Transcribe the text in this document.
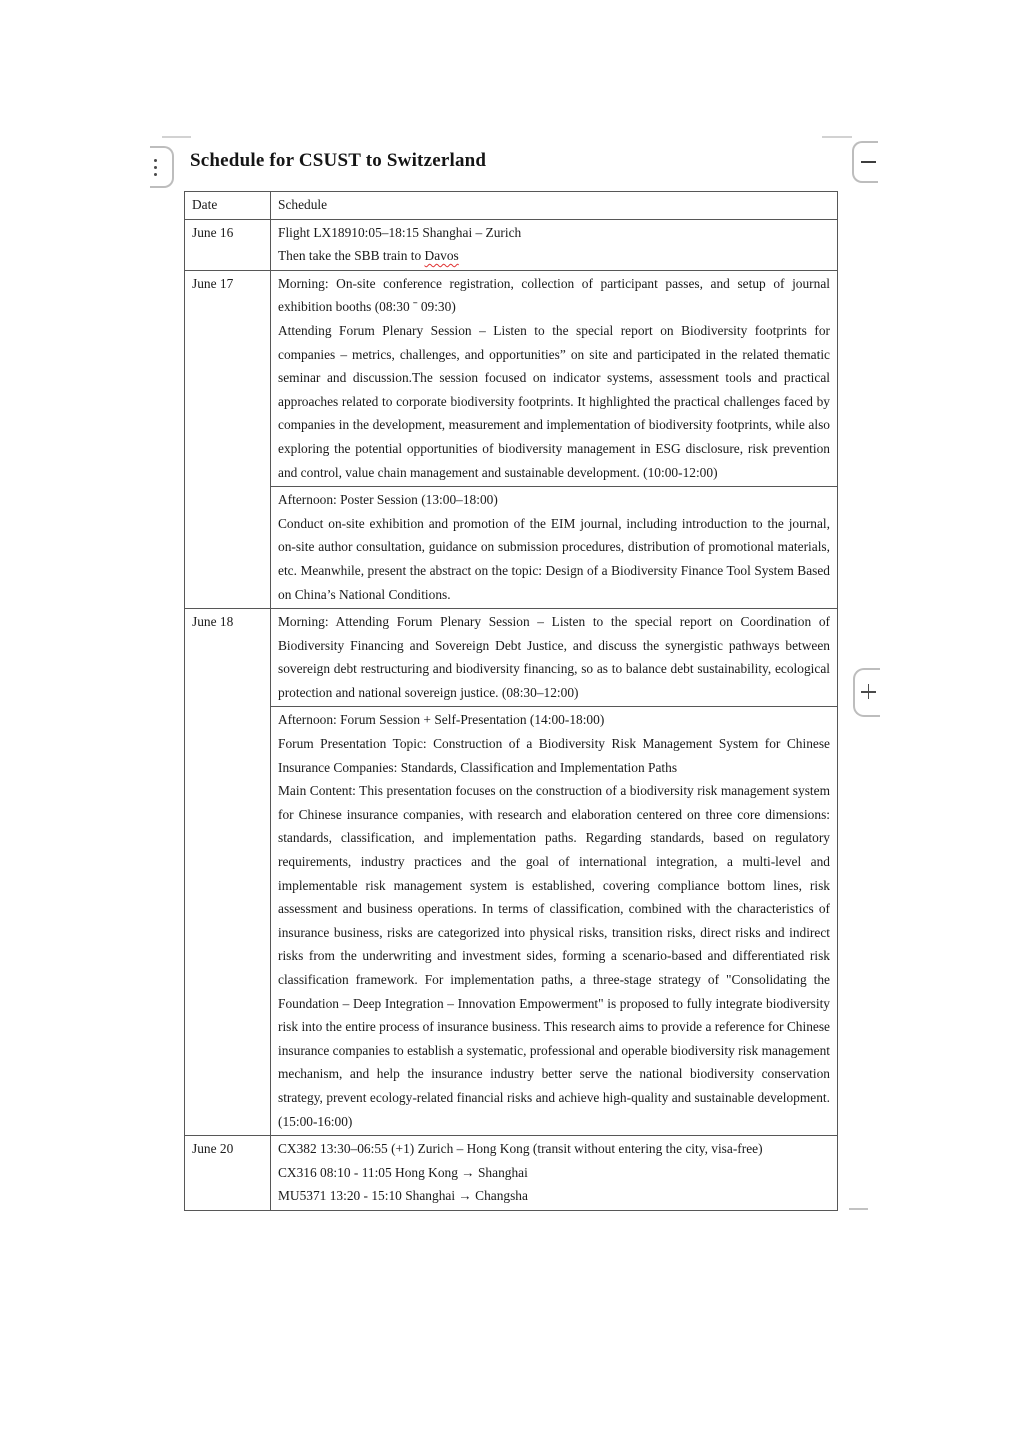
Schedule for CSUST to Switzerland
Date	Schedule
June 16	Flight LX18910:05–18:15 Shanghai – Zurich

Then take the SBB train to Davos

June 17	Morning: On-site conference registration, collection of participant passes, and setup of journal exhibition booths (08:30 ˉ 09:30)

Attending Forum Plenary Session – Listen to the special report on Biodiversity footprints for companies – metrics, challenges, and opportunities” on site and participated in the related thematic seminar and discussion.The session focused on indicator systems, assessment tools and practical approaches related to corporate biodiversity footprints. It highlighted the practical challenges faced by companies in the development, measurement and implementation of biodiversity footprints, while also exploring the potential opportunities of biodiversity management in ESG disclosure, risk prevention and control, value chain management and sustainable development. (10:00-12:00)

	Afternoon: Poster Session (13:00–18:00)

Conduct on-site exhibition and promotion of the EIM journal, including introduction to the journal, on-site author consultation, guidance on submission procedures, distribution of promotional materials, etc. Meanwhile, present the abstract on the topic: Design of a Biodiversity Finance Tool System Based on China’s National Conditions.

June 18	Morning: Attending Forum Plenary Session – Listen to the special report on Coordination of Biodiversity Financing and Sovereign Debt Justice, and discuss the synergistic pathways between sovereign debt restructuring and biodiversity financing, so as to balance debt sustainability, ecological protection and national sovereign justice. (08:30–12:00)

	Afternoon: Forum Session + Self-Presentation (14:00-18:00)

Forum Presentation Topic: Construction of a Biodiversity Risk Management System for Chinese Insurance Companies: Standards, Classification and Implementation Paths

Main Content: This presentation focuses on the construction of a biodiversity risk management system for Chinese insurance companies, with research and elaboration centered on three core dimensions: standards, classification, and implementation paths. Regarding standards, based on regulatory requirements, industry practices and the goal of international integration, a multi-level and implementable risk management system is established, covering compliance bottom lines, risk assessment and business operations. In terms of classification, combined with the characteristics of insurance business, risks are categorized into physical risks, transition risks, direct risks and indirect risks from the underwriting and investment sides, forming a scenario-based and differentiated risk classification framework. For implementation paths, a three-stage strategy of "Consolidating the Foundation – Deep Integration – Innovation Empowerment" is proposed to fully integrate biodiversity risk into the entire process of insurance business. This research aims to provide a reference for Chinese insurance companies to establish a systematic, professional and operable biodiversity risk management mechanism, and help the insurance industry better serve the national biodiversity conservation strategy, prevent ecology-related financial risks and achieve high-quality and sustainable development. (15:00-16:00)

June 20	CX382 13:30–06:55 (+1) Zurich – Hong Kong (transit without entering the city, visa-free)

CX316 08:10 - 11:05 Hong Kong → Shanghai

MU5371 13:20 - 15:10 Shanghai → Changsha
